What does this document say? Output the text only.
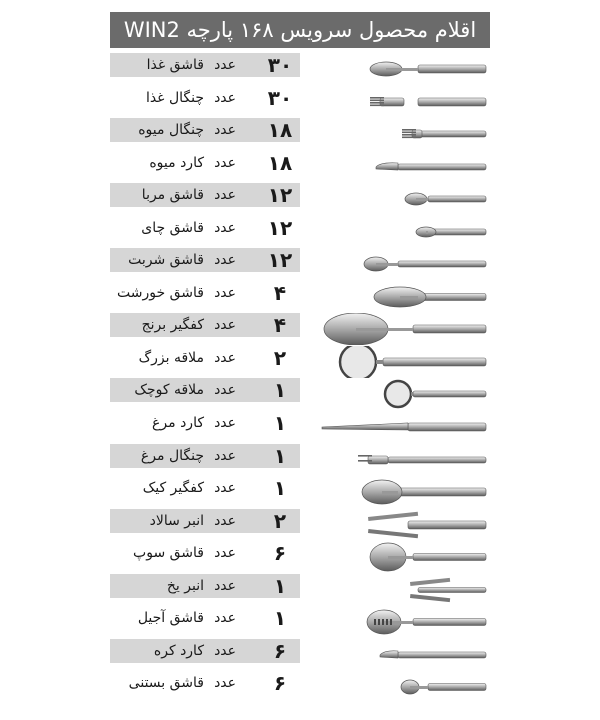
اقلام محصول سرویس ۱۶۸ پارچه WIN2
۳۰
عدد
قاشق غذا
۳۰
عدد
چنگال غذا
۱۸
عدد
چنگال میوه
۱۸
عدد
کارد میوه
۱۲
عدد
قاشق مربا
۱۲
عدد
قاشق چای
۱۲
عدد
قاشق شربت
۴
عدد
قاشق خورشت
۴
عدد
کفگیر برنج
۲
عدد
ملاقه بزرگ
۱
عدد
ملاقه کوچک
۱
عدد
کارد مرغ
۱
عدد
چنگال مرغ
۱
عدد
کفگیر کیک
۲
عدد
انبر سالاد
۶
عدد
قاشق سوپ
۱
عدد
انبر یخ
۱
عدد
قاشق آجیل
۶
عدد
کارد کره
۶
عدد
قاشق بستنی
